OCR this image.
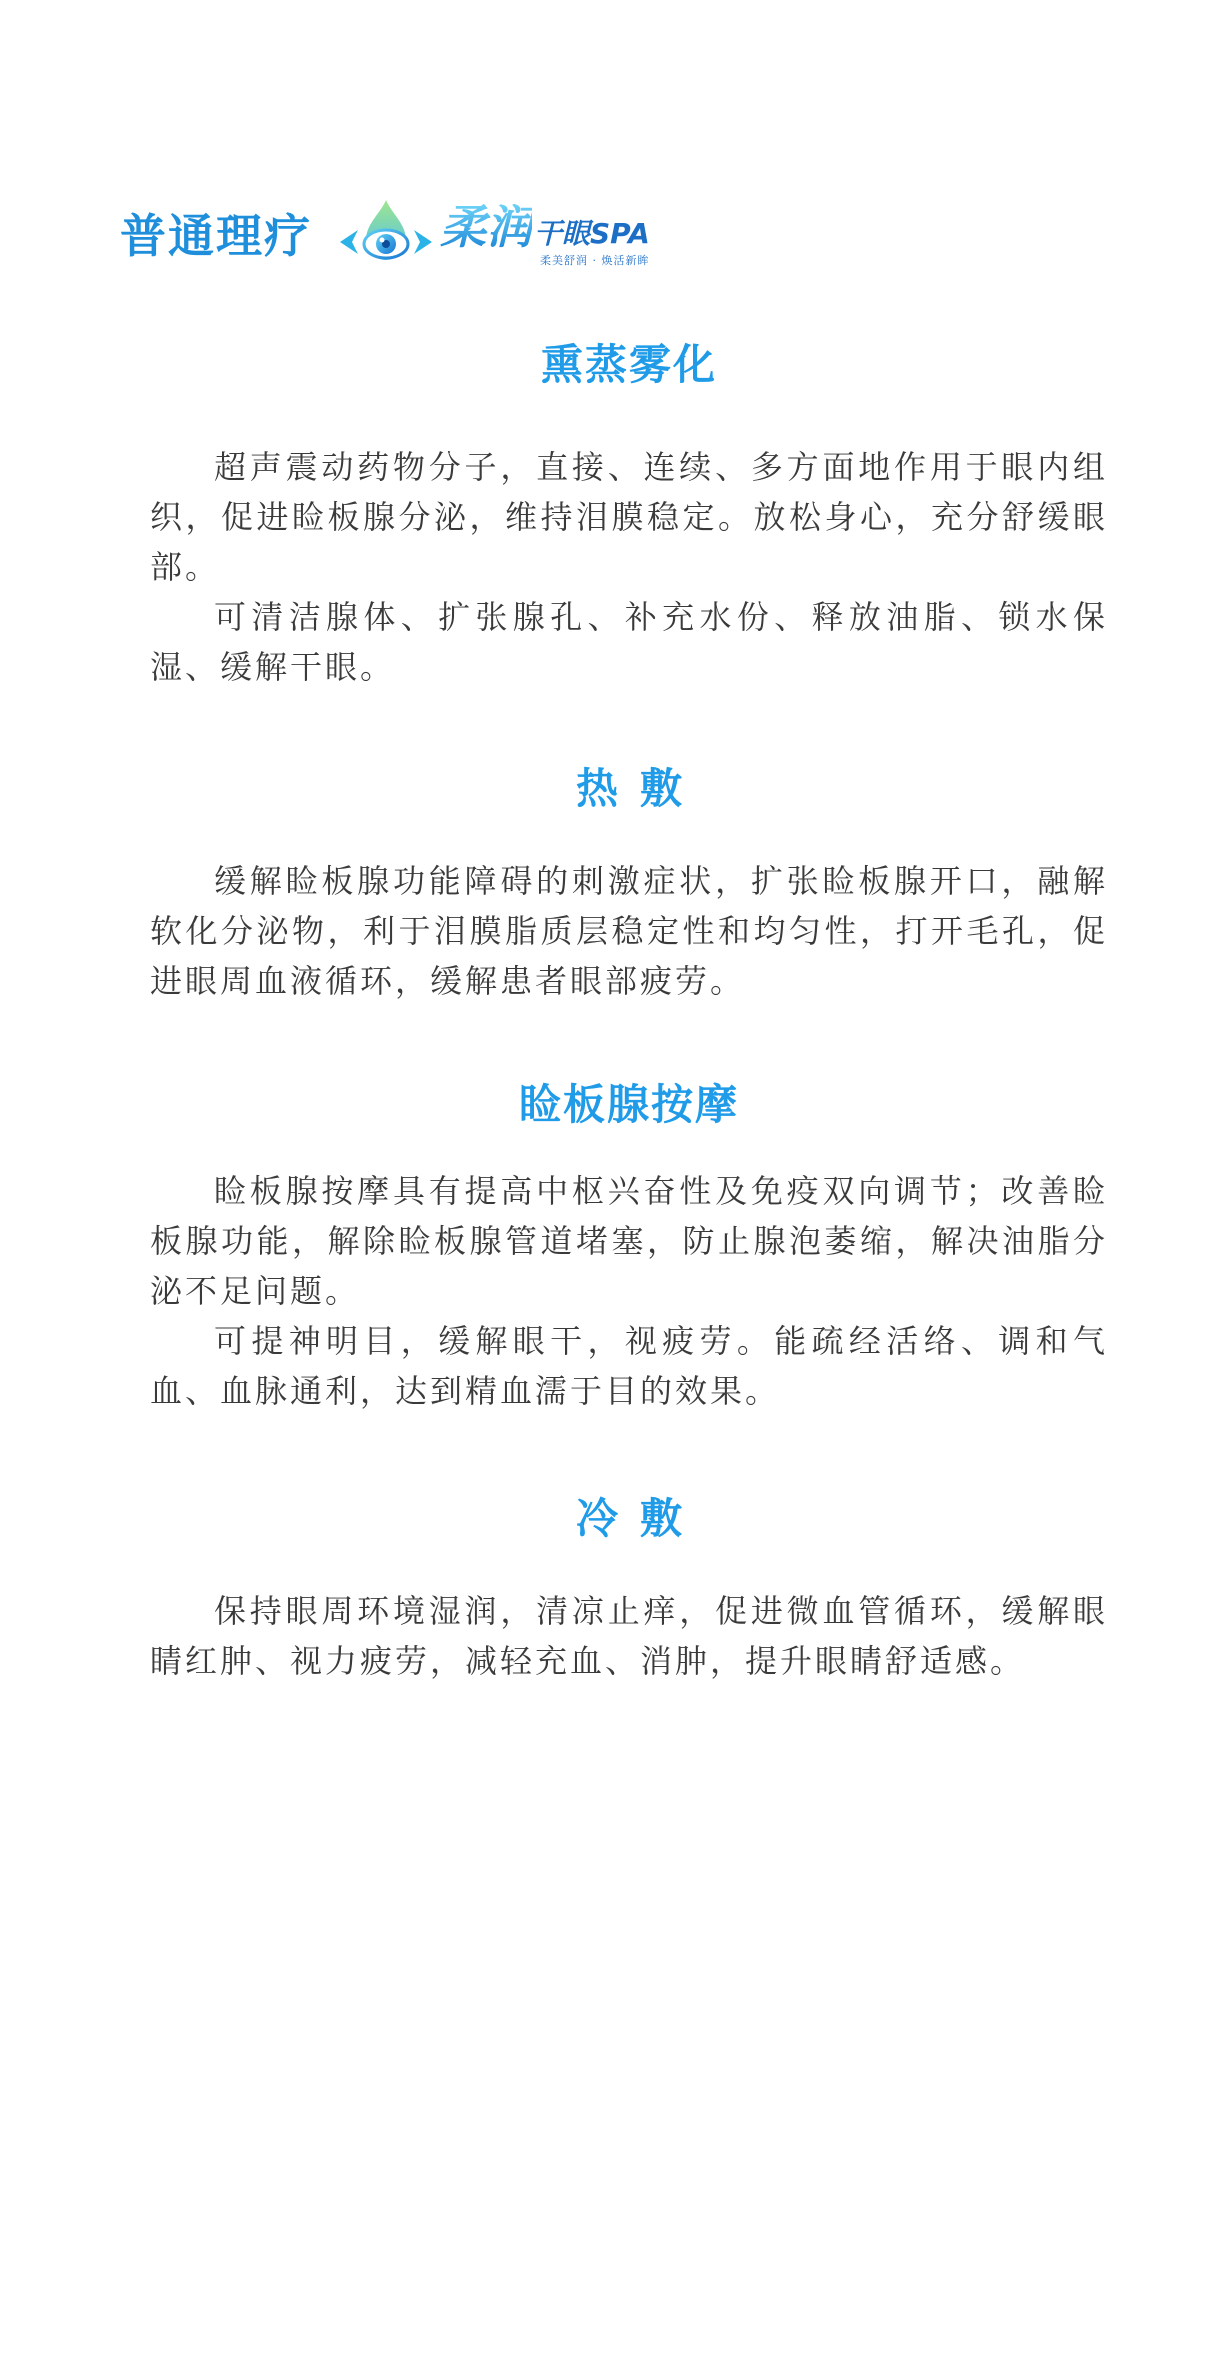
普通理疗	柔润 干眼SPA
柔美舒润 · 焕活新眸
熏蒸雾化

超声震动药物分子，直接、连续、多方面地作用于眼内组织，促进睑板腺分泌，维持泪膜稳定。放松身心，充分舒缓眼部。

可清洁腺体、扩张腺孔、补充水份、释放油脂、锁水保湿、缓解干眼。

热敷

缓解睑板腺功能障碍的刺激症状，扩张睑板腺开口，融解软化分泌物，利于泪膜脂质层稳定性和均匀性，打开毛孔，促进眼周血液循环，缓解患者眼部疲劳。

睑板腺按摩

睑板腺按摩具有提高中枢兴奋性及免疫双向调节；改善睑板腺功能，解除睑板腺管道堵塞，防止腺泡萎缩，解决油脂分泌不足问题。

可提神明目，缓解眼干，视疲劳。能疏经活络、调和气血、血脉通利，达到精血濡于目的效果。

冷敷

保持眼周环境湿润，清凉止痒，促进微血管循环，缓解眼睛红肿、视力疲劳，减轻充血、消肿，提升眼睛舒适感。
